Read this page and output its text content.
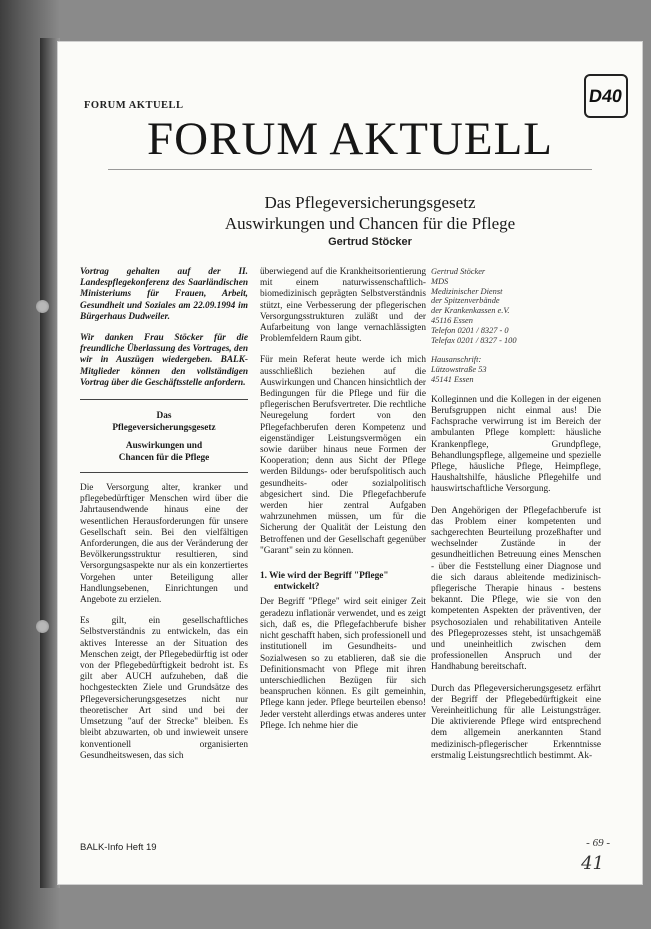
FORUM AKTUELL	D40
FORUM AKTUELL
Das Pflegeversicherungsgesetz
Auswirkungen und Chancen für die Pflege
Gertrud Stöcker

Vortrag gehalten auf der II. Landespflegekonferenz des Saarländischen Ministeriums für Frauen, Arbeit, Gesundheit und Soziales am 22.09.1994 im Bürgerhaus Dudweiler.

Wir danken Frau Stöcker für die freundliche Überlassung des Vortrages, den wir in Auszügen wiedergeben. BALK-Mitglieder können den vollständigen Vortrag über die Geschäftsstelle anfordern.

Das
Pflegeversicherungsgesetz
Auswirkungen und
Chancen für die Pflege

Die Versorgung alter, kranker und pflegebedürftiger Menschen wird über die Jahrtausendwende hinaus eine der wesentlichen Herausforderungen für unsere Gesellschaft sein. Bei den vielfältigen Anforderungen, die aus der Veränderung der Bevölkerungsstruktur resultieren, sind Versorgungsaspekte nur als ein konzertiertes Vorgehen unter Beteiligung aller Handlungsebenen, Einrichtungen und Angebote zu erzielen.

Es gilt, ein gesellschaftliches Selbstverständnis zu entwickeln, das ein aktives Interesse an der Situation des Menschen zeigt, der Pflegebedürftig ist oder von der Pflegebedürftigkeit bedroht ist. Es gilt aber AUCH aufzuheben, daß die hochgesteckten Ziele und Grundsätze des Pflegeversicherungsgesetzes nicht nur theoretischer Art sind und bei der Umsetzung "auf der Strecke" bleiben. Es bleibt abzuwarten, ob und inwieweit unsere konventionell organisierten Gesundheitswesen, das sich

überwiegend auf die Krankheitsorientierung mit einem naturwissenschaftlich-biomedizinisch geprägten Selbstverständnis stützt, eine Verbesserung der pflegerischen Versorgungsstrukturen zuläßt und der Aufarbeitung von lange vernachlässigten Problemfeldern Raum gibt.

Für mein Referat heute werde ich mich ausschließlich beziehen auf die Auswirkungen und Chancen hinsichtlich der Bedingungen für die Pflege und für die pflegerischen Berufsvertreter. Die rechtliche Neuregelung fordert von den Pflegefachberufen deren Kompetenz und eigenständiger Leistungsvermögen ein sowie darüber hinaus neue Formen der Kooperation; denn aus Sicht der Pflege werden Bildungs- oder berufspolitisch auch gesundheits- oder sozialpolitisch abgesichert sind. Die Pflegefachberufe werden hier zentral Aufgaben wahrzunehmen müssen, um für die Sicherung der Qualität der Leistung den Betroffenen und der Gesellschaft gegenüber "Garant" sein zu können.

1. Wie wird der Begriff "Pflege"
entwickelt?

Der Begriff "Pflege" wird seit einiger Zeit geradezu inflationär verwendet, und es zeigt sich, daß es, die Pflegefachberufe bisher nicht geschafft haben, sich professionell und institutionell im Gesundheits- und Sozialwesen so zu etablieren, daß sie die Definitionsmacht von Pflege mit ihren unterschiedlichen Bezügen für sich beanspruchen können. Es gilt gemeinhin, Pflege kann jeder. Pflege beurteilen ebenso! Jeder versteht allerdings etwas anderes unter Pflege. Ich nehme hier die

Gertrud Stöcker
MDS
Medizinischer Dienst
der Spitzenverbände
der Krankenkassen e.V.
45116 Essen
Telefon 0201 / 8327 - 0
Telefax 0201 / 8327 - 100
Hausanschrift:
Lützowstraße 53
45141 Essen

Kolleginnen und die Kollegen in der eigenen Berufsgruppen nicht einmal aus! Die Fachsprache verwirrung ist im Bereich der ambulanten Pflege komplett: häusliche Krankenpflege, Grundpflege, Behandlungspflege, allgemeine und spezielle Pflege, häusliche Pflege, Heimpflege, Haushaltshilfe, häusliche Pflegehilfe und hauswirtschaftliche Versorgung.

Den Angehörigen der Pflegefachberufe ist das Problem einer kompetenten und sachgerechten Beurteilung prozeßhafter und wechselnder Zustände in der gesundheitlichen Betreuung eines Menschen - über die Feststellung einer Diagnose und die sich daraus ableitende medizinisch-pflegerische Therapie hinaus - bestens bekannt. Die Pflege, wie sie von den kompetenten Aspekten der präventiven, der psychosozialen und rehabilitativen Anteile des Pflegeprozesses steht, ist unsachgemäß und uneinheitlich zwischen dem professionellen Anspruch und der Handhabung bereitschaft.

Durch das Pflegeversicherungsgesetz erfährt der Begriff der Pflegebedürftigkeit eine Vereinheitlichung für alle Leistungsträger. Die aktivierende Pflege wird entsprechend dem allgemein anerkannten Stand medizinisch-pflegerischer Erkenntnisse erstmalig Leistungsrechtlich bestimmt. Ak-

BALK-Info Heft 19	- 69 -
41
